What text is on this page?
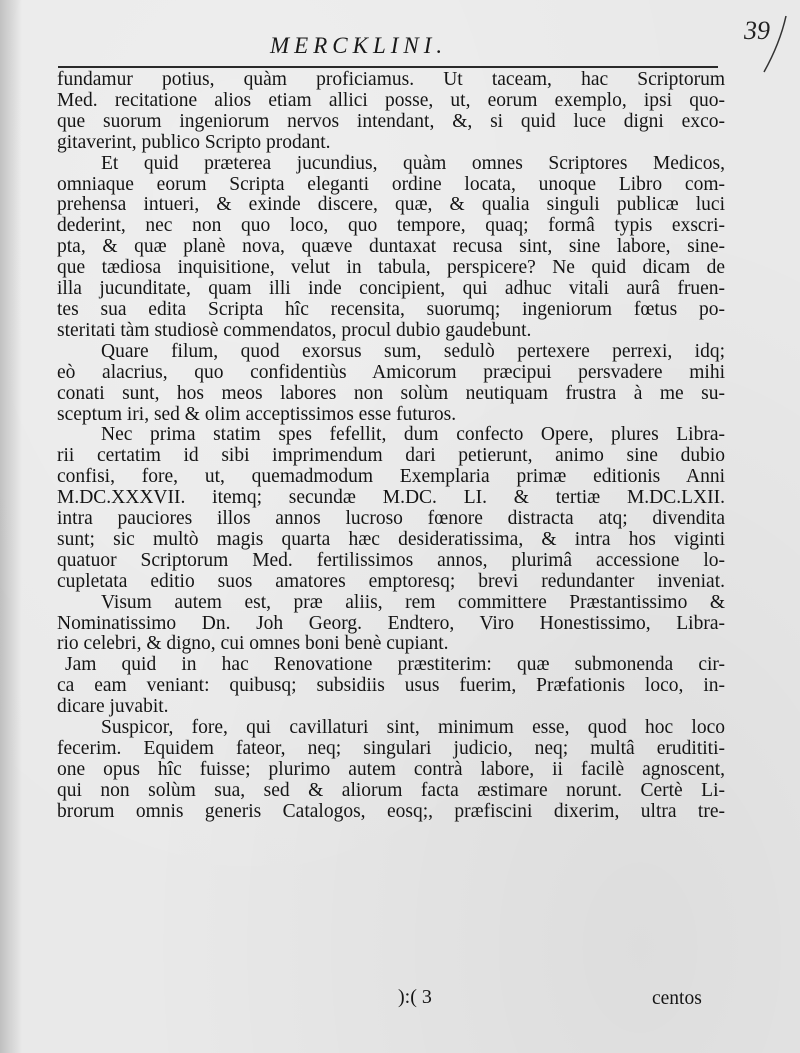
MERCKLINI.
39
fundamur potius, quàm proficiamus. Ut taceam, hac Scriptorum
Med. recitatione alios etiam allici posse, ut, eorum exemplo, ipsi quo-
que suorum ingeniorum nervos intendant, &, si quid luce digni exco-
gitaverint, publico Scripto prodant.
Et quid præterea jucundius, quàm omnes Scriptores Medicos,
omniaque eorum Scripta eleganti ordine locata, unoque Libro com-
prehensa intueri, & exinde discere, quæ, & qualia singuli publicæ luci
dederint, nec non quo loco, quo tempore, quaq; formâ typis exscri-
pta, & quæ planè nova, quæve duntaxat recusa sint, sine labore, sine-
que tædiosa inquisitione, velut in tabula, perspicere? Ne quid dicam de
illa jucunditate, quam illi inde concipient, qui adhuc vitali aurâ fruen-
tes sua edita Scripta hîc recensita, suorumq; ingeniorum fœtus po-
steritati tàm studiosè commendatos, procul dubio gaudebunt.
Quare filum, quod exorsus sum, sedulò pertexere perrexi, idq;
eò alacrius, quo confidentiùs Amicorum præcipui persvadere mihi
conati sunt, hos meos labores non solùm neutiquam frustra à me su-
sceptum iri, sed & olim acceptissimos esse futuros.
Nec prima statim spes fefellit, dum confecto Opere, plures Libra-
rii certatim id sibi imprimendum dari petierunt, animo sine dubio
confisi, fore, ut, quemadmodum Exemplaria primæ editionis Anni
M.DC.XXXVII. itemq; secundæ M.DC. LI. & tertiæ M.DC.LXII.
intra pauciores illos annos lucroso fœnore distracta atq; divendita
sunt; sic multò magis quarta hæc desideratissima, & intra hos viginti
quatuor Scriptorum Med. fertilissimos annos, plurimâ accessione lo-
cupletata editio suos amatores emptoresq; brevi redundanter inveniat.
Visum autem est, præ aliis, rem committere Præstantissimo &
Nominatissimo Dn. Joh Georg. Endtero, Viro Honestissimo, Libra-
rio celebri, & digno, cui omnes boni benè cupiant.
Jam quid in hac Renovatione præstiterim: quæ submonenda cir-
ca eam veniant: quibusq; subsidiis usus fuerim, Præfationis loco, in-
dicare juvabit.
Suspicor, fore, qui cavillaturi sint, minimum esse, quod hoc loco
fecerim. Equidem fateor, neq; singulari judicio, neq; multâ erudititi-
one opus hîc fuisse; plurimo autem contrà labore, ii facilè agnoscent,
qui non solùm sua, sed & aliorum facta æstimare norunt. Certè Li-
brorum omnis generis Catalogos, eosq;, præfiscini dixerim, ultra tre-
):( 3	centos
